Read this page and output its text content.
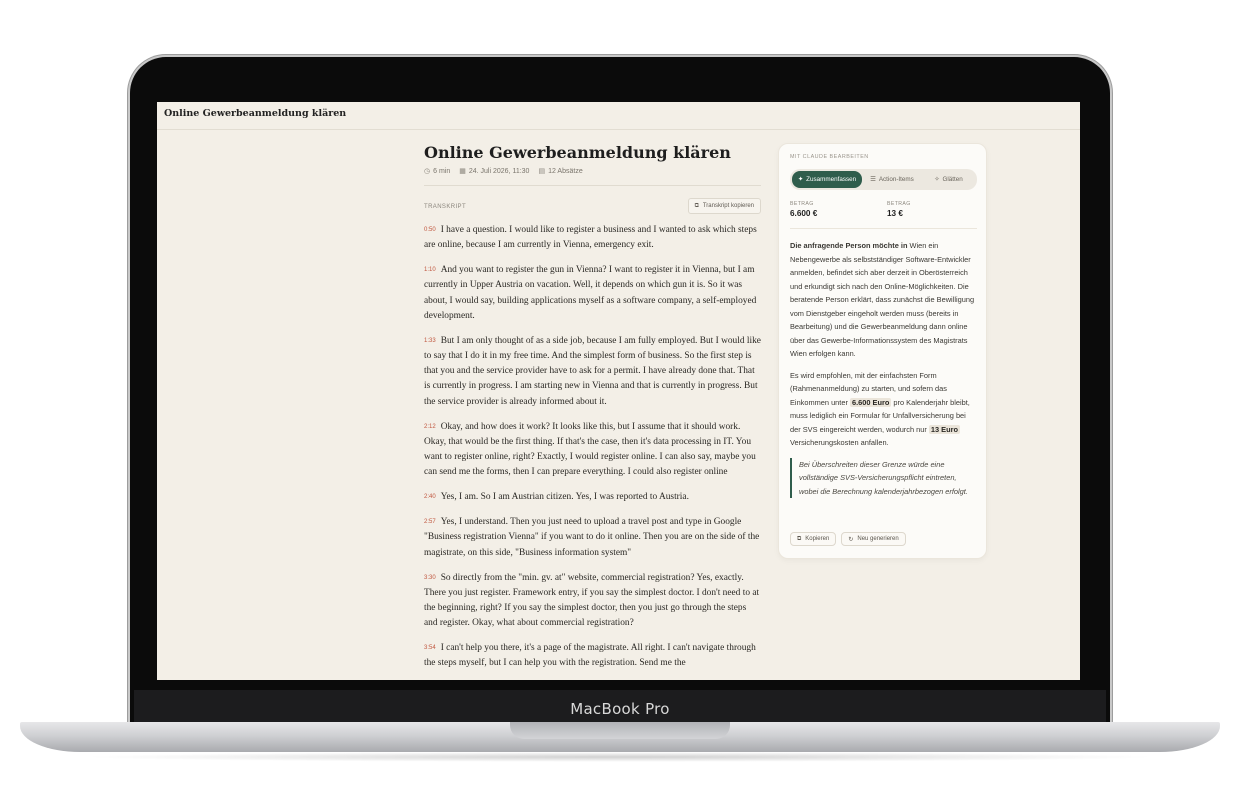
MacBook Pro
Online Gewerbeanmeldung klären
Online Gewerbeanmeldung klären
◷ 6 min ▦ 24. Juli 2026, 11:30 ▤ 12 Absätze
TRANSKRIPT	⧉ Transkript kopieren

0:50 I have a question. I would like to register a business and I wanted to ask which steps are online, because I am currently in Vienna, emergency exit.

1:10 And you want to register the gun in Vienna? I want to register it in Vienna, but I am currently in Upper Austria on vacation. Well, it depends on which gun it is. So it was about, I would say, building applications myself as a software company, a self-employed development.

1:33 But I am only thought of as a side job, because I am fully employed. But I would like to say that I do it in my free time. And the simplest form of business. So the first step is that you and the service provider have to ask for a permit. I have already done that. That is currently in progress. I am starting new in Vienna and that is currently in progress. But the service provider is already informed about it.

2:12 Okay, and how does it work? It looks like this, but I assume that it should work. Okay, that would be the first thing. If that's the case, then it's data processing in IT. You want to register online, right? Exactly, I would register online. I can also say, maybe you can send me the forms, then I can prepare everything. I could also register online

2:40 Yes, I am. So I am Austrian citizen. Yes, I was reported to Austria.

2:57 Yes, I understand. Then you just need to upload a travel post and type in Google "Business registration Vienna" if you want to do it online. Then you are on the side of the magistrate, on this side, "Business information system"

3:30 So directly from the "min. gv. at" website, commercial registration? Yes, exactly. There you just register. Framework entry, if you say the simplest doctor. I don't need to at the beginning, right? If you say the simplest doctor, then you just go through the steps and register. Okay, what about commercial registration?

3:54 I can't help you there, it's a page of the magistrate. All right. I can't navigate through the steps myself, but I can help you with the registration. Send me the

MIT CLAUDE BEARBEITEN
✦ Zusammenfassen ☰ Action-Items	✧ Glätten
BETRAG
6.600 €
BETRAG
13 €

Die anfragende Person möchte in Wien ein Nebengewerbe als selbstständiger Software-Entwickler anmelden, befindet sich aber derzeit in Oberösterreich und erkundigt sich nach den Online-Möglichkeiten. Die beratende Person erklärt, dass zunächst die Bewilligung vom Dienstgeber eingeholt werden muss (bereits in Bearbeitung) und die Gewerbeanmeldung dann online über das Gewerbe-Informationssystem des Magistrats Wien erfolgen kann.

Es wird empfohlen, mit der einfachsten Form (Rahmenanmeldung) zu starten, und sofern das Einkommen unter 6.600 Euro pro Kalenderjahr bleibt, muss lediglich ein Formular für Unfallversicherung bei der SVS eingereicht werden, wodurch nur 13 Euro Versicherungskosten anfallen.

Bei Überschreiten dieser Grenze würde eine vollständige SVS-Versicherungspflicht eintreten, wobei die Berechnung kalenderjahrbezogen erfolgt.
⧉ Kopieren	↻ Neu generieren
